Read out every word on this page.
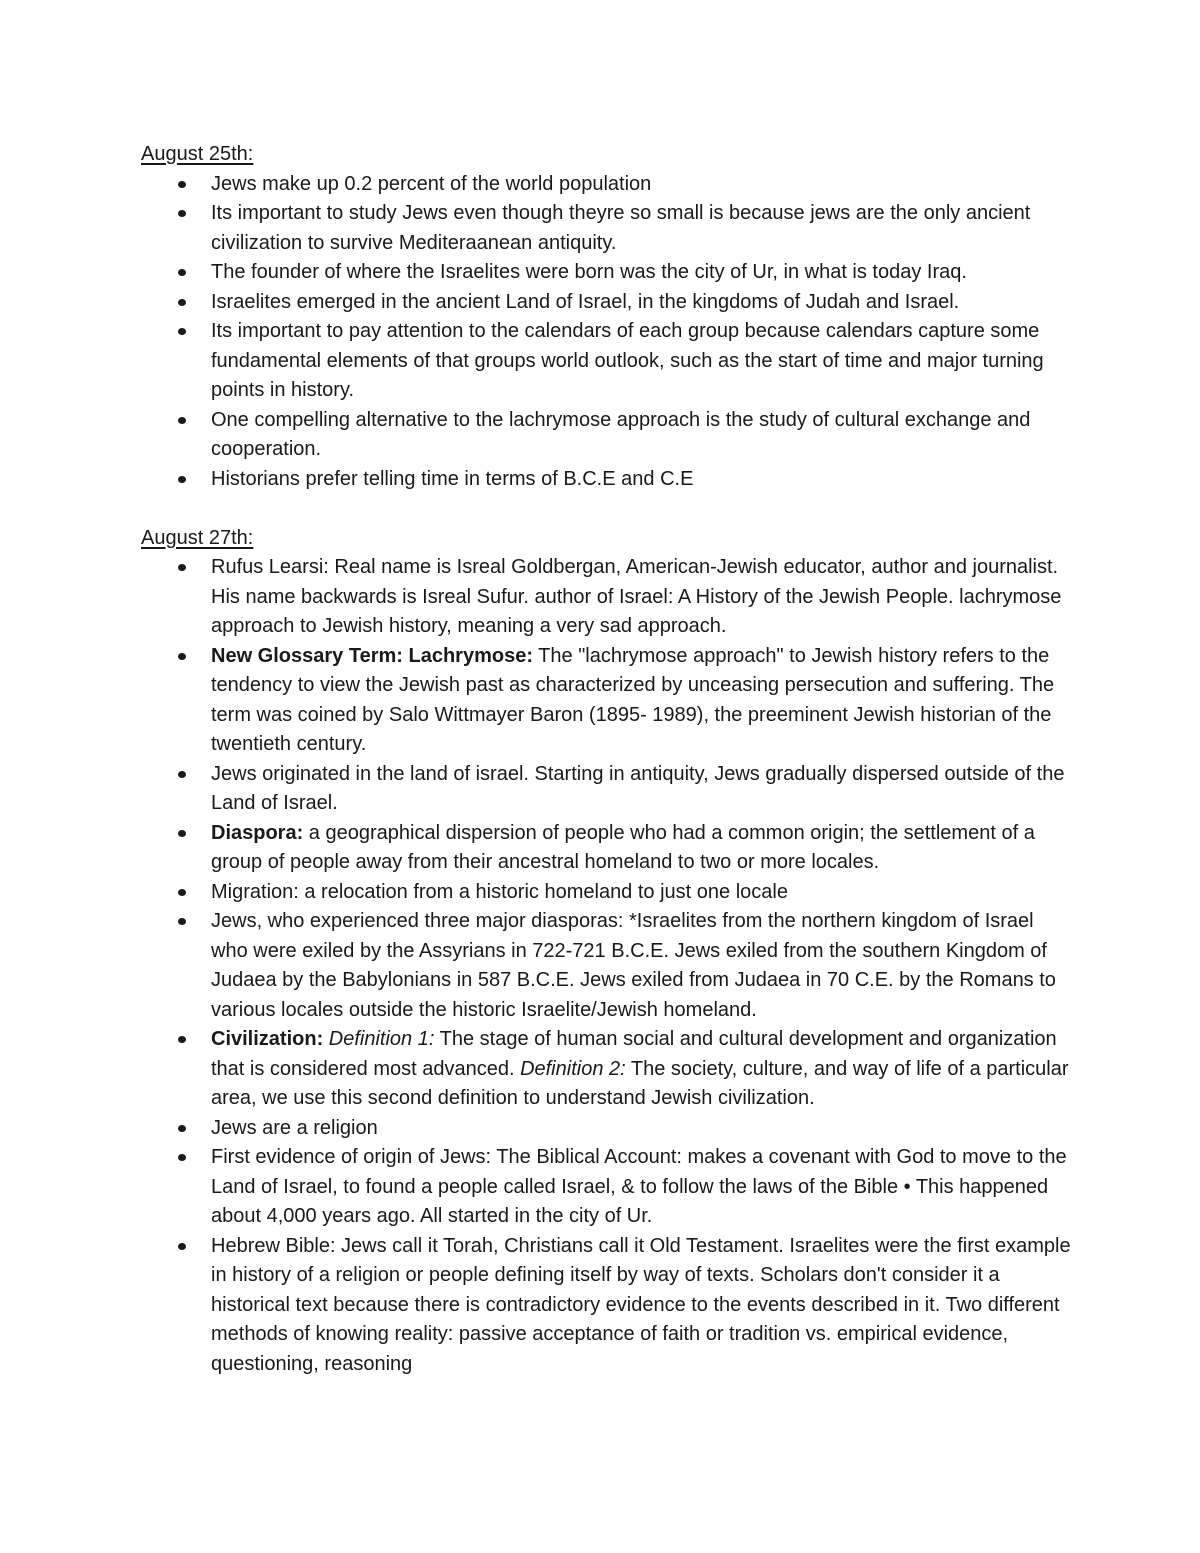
August 25th:

Jews make up 0.2 percent of the world population
Its important to study Jews even though theyre so small is because jews are the only ancient civilization to survive Mediteraanean antiquity.
The founder of where the Israelites were born was the city of Ur, in what is today Iraq.
Israelites emerged in the ancient Land of Israel, in the kingdoms of Judah and Israel.
Its important to pay attention to the calendars of each group because calendars capture some fundamental elements of that groups world outlook, such as the start of time and major turning points in history.
One compelling alternative to the lachrymose approach is the study of cultural exchange and cooperation.
Historians prefer telling time in terms of B.C.E and C.E

August 27th:

Rufus Learsi: Real name is Isreal Goldbergan, American-Jewish educator, author and journalist. His name backwards is Isreal Sufur. author of Israel: A History of the Jewish People. lachrymose approach to Jewish history, meaning a very sad approach.
New Glossary Term: Lachrymose: The "lachrymose approach" to Jewish history refers to the tendency to view the Jewish past as characterized by unceasing persecution and suffering. The term was coined by Salo Wittmayer Baron (1895- 1989), the preeminent Jewish historian of the twentieth century.
Jews originated in the land of israel. Starting in antiquity, Jews gradually dispersed outside of the Land of Israel.
Diaspora: a geographical dispersion of people who had a common origin; the settlement of a group of people away from their ancestral homeland to two or more locales.
Migration: a relocation from a historic homeland to just one locale
Jews, who experienced three major diasporas: *Israelites from the northern kingdom of Israel who were exiled by the Assyrians in 722-721 B.C.E. Jews exiled from the southern Kingdom of Judaea by the Babylonians in 587 B.C.E. Jews exiled from Judaea in 70 C.E. by the Romans to various locales outside the historic Israelite/Jewish homeland.
Civilization: Definition 1: The stage of human social and cultural development and organization that is considered most advanced. Definition 2: The society, culture, and way of life of a particular area, we use this second definition to understand Jewish civilization.
Jews are a religion
First evidence of origin of Jews: The Biblical Account: makes a covenant with God to move to the Land of Israel, to found a people called Israel, & to follow the laws of the Bible • This happened about 4,000 years ago. All started in the city of Ur.
Hebrew Bible: Jews call it Torah, Christians call it Old Testament. Israelites were the first example in history of a religion or people defining itself by way of texts. Scholars don't consider it a historical text because there is contradictory evidence to the events described in it. Two different methods of knowing reality: passive acceptance of faith or tradition vs. empirical evidence, questioning, reasoning
